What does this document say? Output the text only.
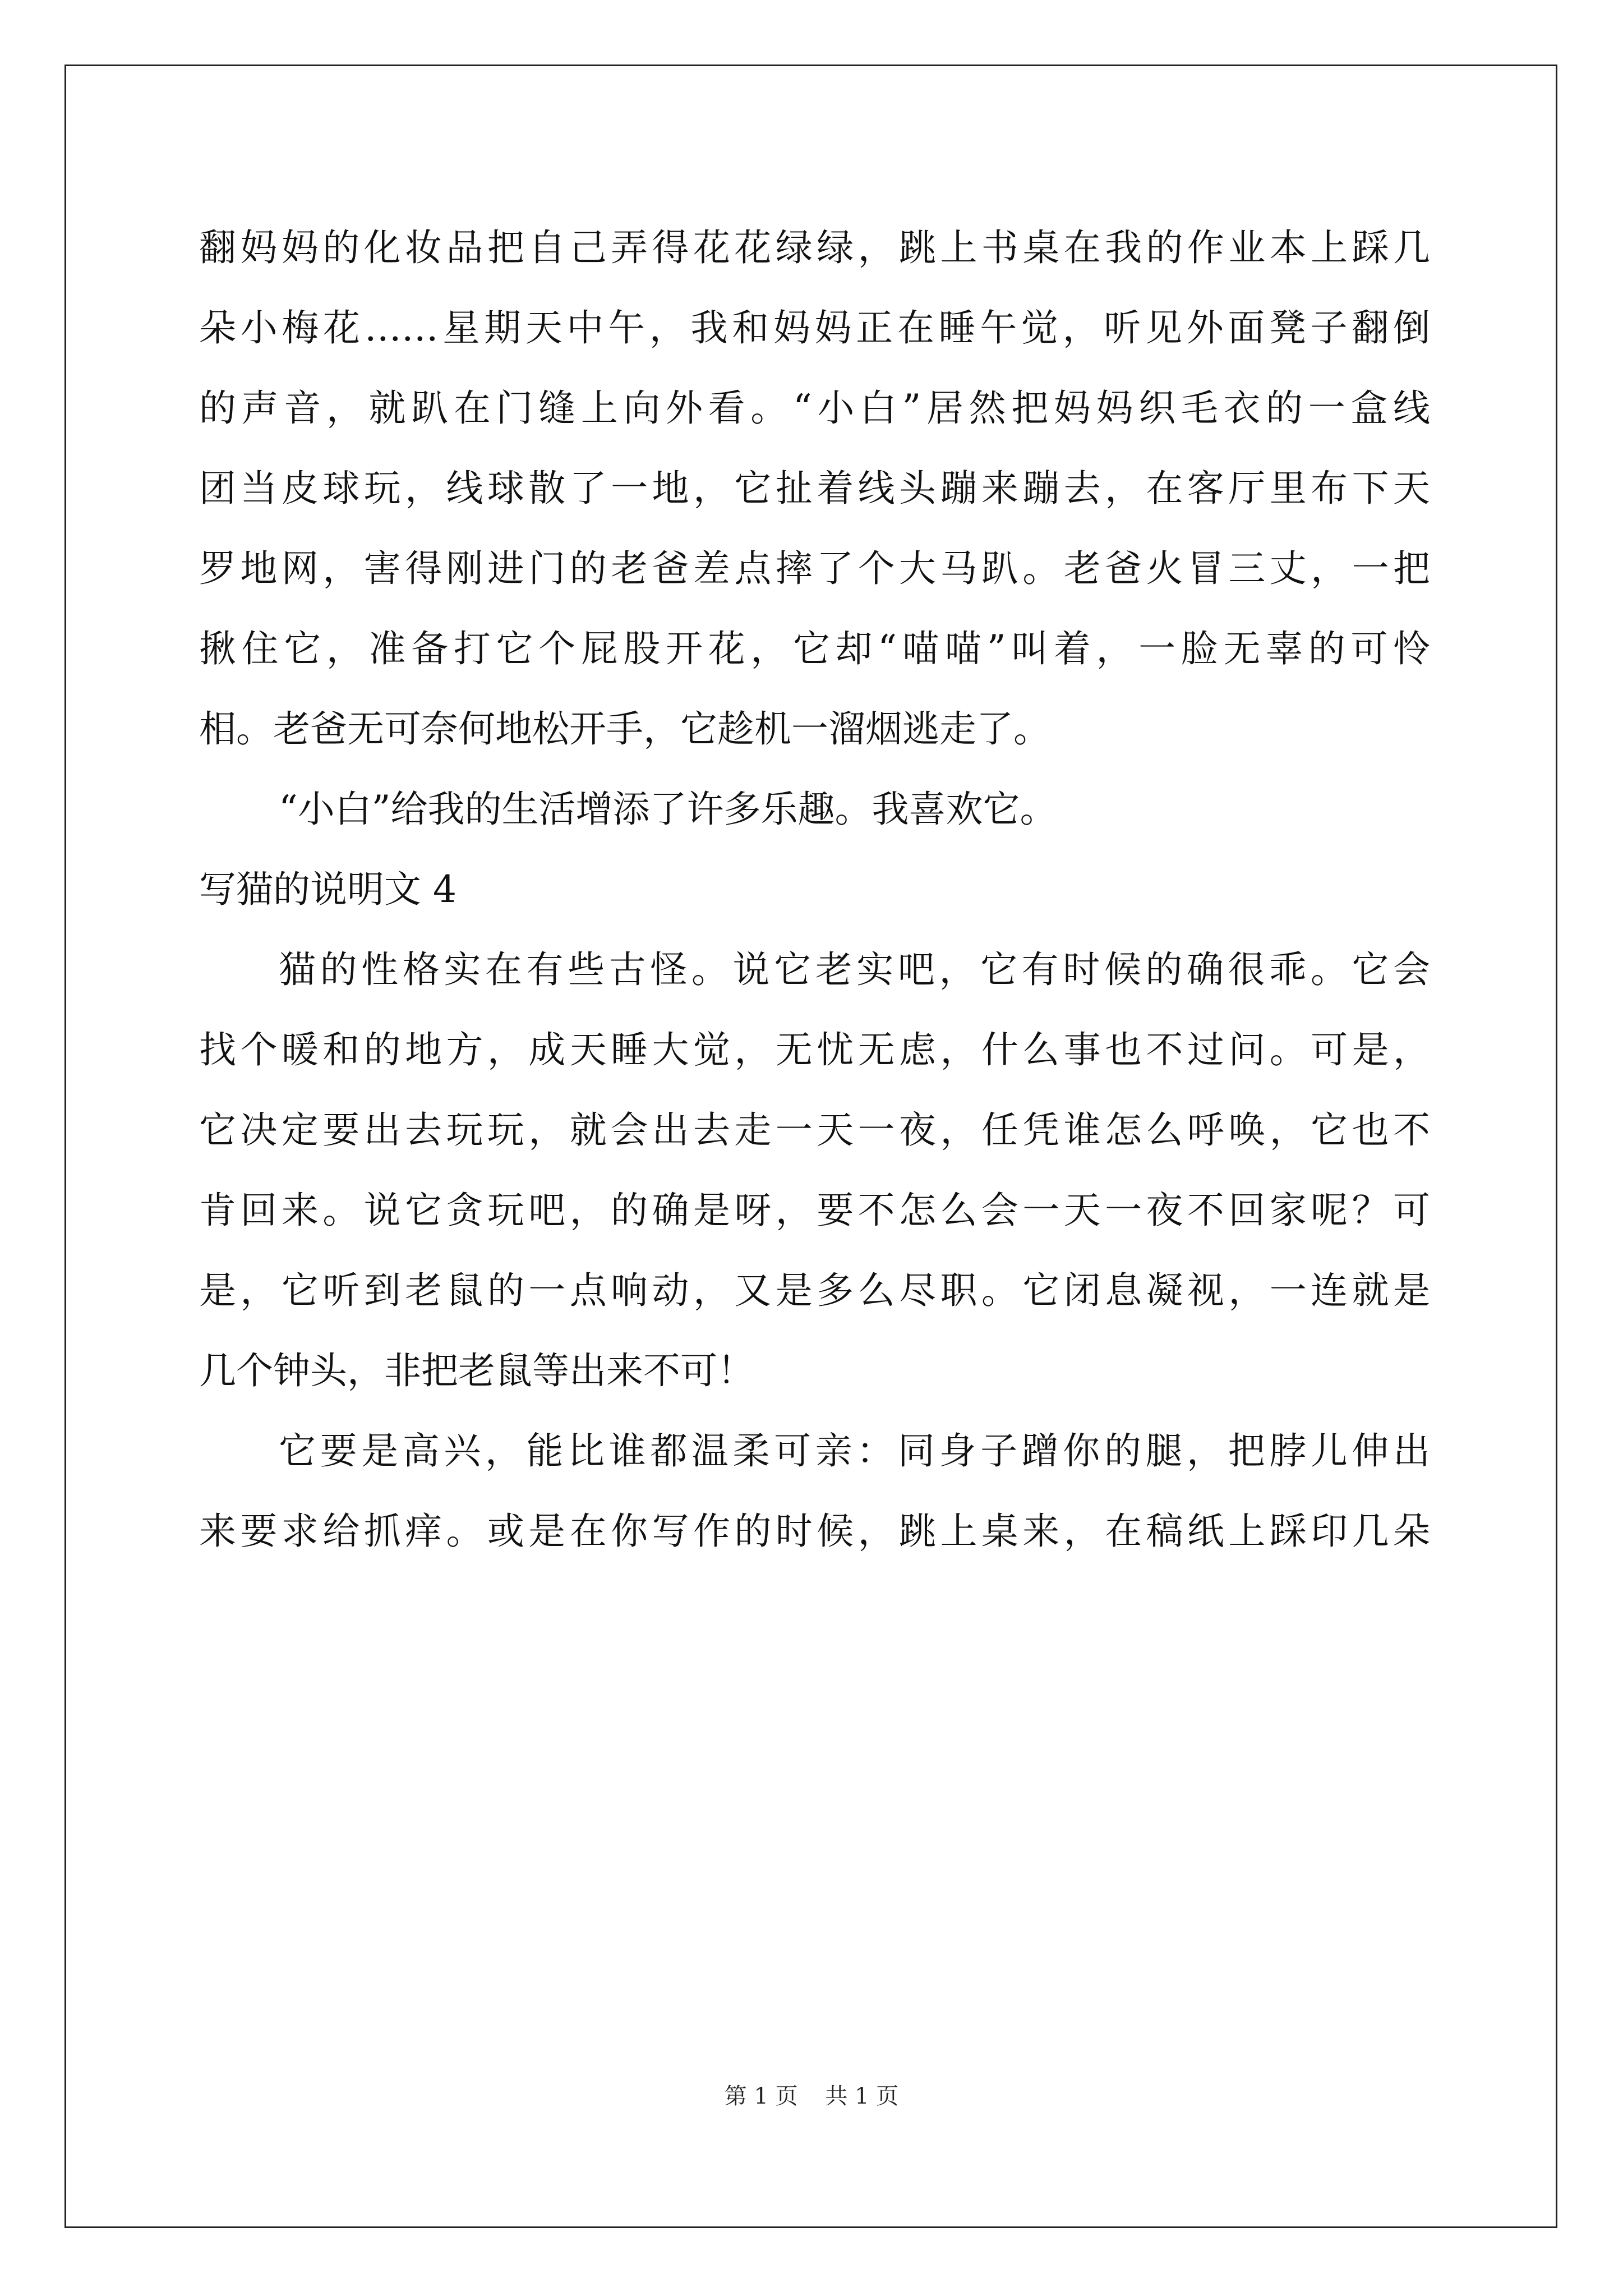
翻妈妈的化妆品把自己弄得花花绿绿，跳上书桌在我的作业本上踩几
朵小梅花……星期天中午，我和妈妈正在睡午觉，听见外面凳子翻倒
的声音，就趴在门缝上向外看。“小白”居然把妈妈织毛衣的一盒线
团当皮球玩，线球散了一地，它扯着线头蹦来蹦去，在客厅里布下天
罗地网，害得刚进门的老爸差点摔了个大马趴。老爸火冒三丈，一把
揪住它，准备打它个屁股开花，它却“喵喵”叫着，一脸无辜的可怜
相。老爸无可奈何地松开手，它趁机一溜烟逃走了。
“小白”给我的生活增添了许多乐趣。我喜欢它。
写猫的说明文 4
猫的性格实在有些古怪。说它老实吧，它有时候的确很乖。它会
找个暖和的地方，成天睡大觉，无忧无虑，什么事也不过问。可是，
它决定要出去玩玩，就会出去走一天一夜，任凭谁怎么呼唤，它也不
肯回来。说它贪玩吧，的确是呀，要不怎么会一天一夜不回家呢？可
是，它听到老鼠的一点响动，又是多么尽职。它闭息凝视，一连就是
几个钟头，非把老鼠等出来不可！
它要是高兴，能比谁都温柔可亲：同身子蹭你的腿，把脖儿伸出
来要求给抓痒。或是在你写作的时候，跳上桌来，在稿纸上踩印几朵
第 1 页 共 1 页
